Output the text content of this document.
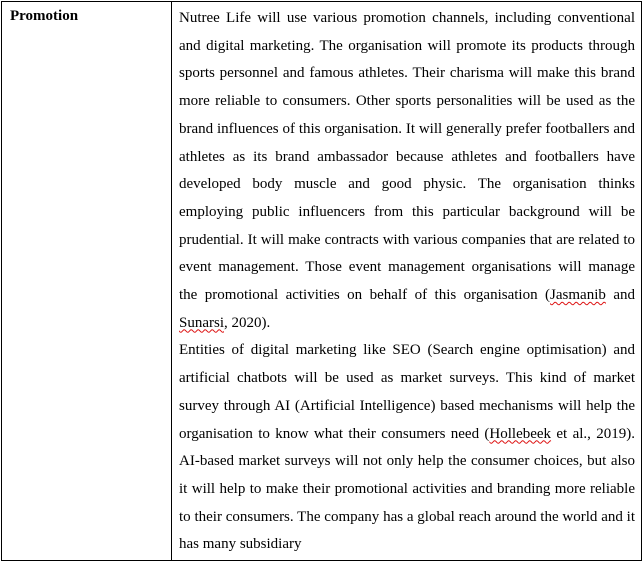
Promotion	Nutree Life will use various promotion channels, including conventional and digital marketing. The organisation will promote its products through sports personnel and famous athletes. Their charisma will make this brand more reliable to consumers. Other sports personalities will be used as the brand influences of this organisation. It will generally prefer footballers and athletes as its brand ambassador because athletes and footballers have developed body muscle and good physic. The organisation thinks employing public influencers from this particular background will be prudential. It will make contracts with various companies that are related to event management. Those event management organisations will manage the promotional activities on behalf of this organisation (Jasmanib and Sunarsi, 2020).

Entities of digital marketing like SEO (Search engine optimisation) and artificial chatbots will be used as market surveys. This kind of market survey through AI (Artificial Intelligence) based mechanisms will help the organisation to know what their consumers need (Hollebeek et al., 2019). AI-based market surveys will not only help the consumer choices, but also it will help to make their promotional activities and branding more reliable to their consumers. The company has a global reach around the world and it has many subsidiary
